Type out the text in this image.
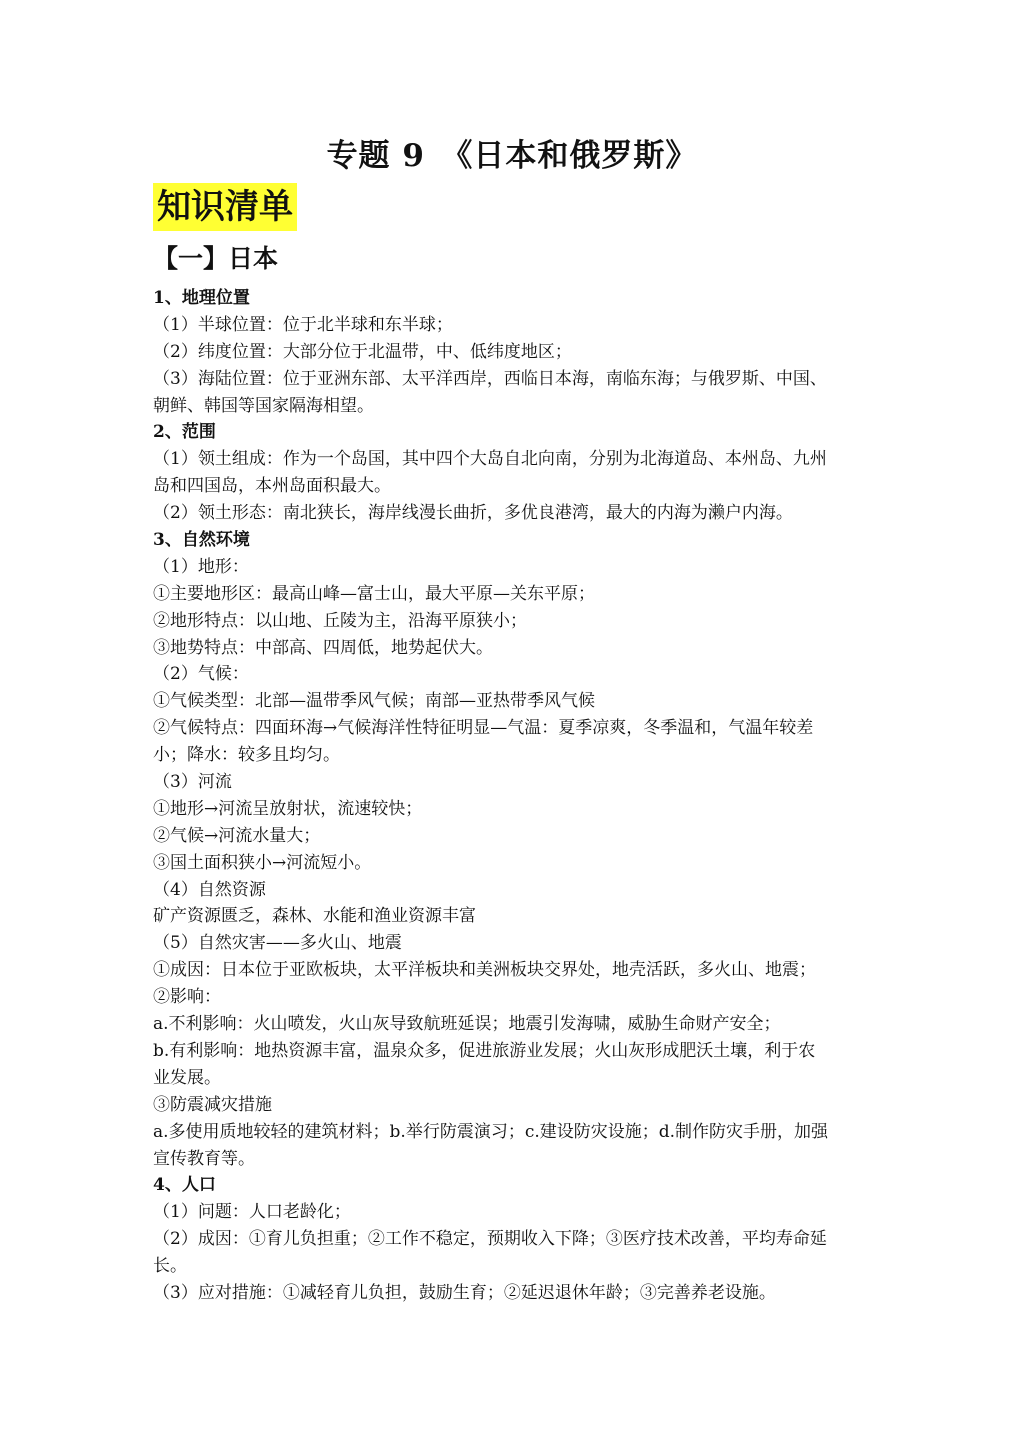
专题 9　《日本和俄罗斯》
知识清单
【一】日本
1、地理位置
（1）半球位置：位于北半球和东半球；
（2）纬度位置：大部分位于北温带，中、低纬度地区；
（3）海陆位置：位于亚洲东部、太平洋西岸，西临日本海，南临东海；与俄罗斯、中国、
朝鲜、韩国等国家隔海相望。
2、范围
（1）领土组成：作为一个岛国，其中四个大岛自北向南，分别为北海道岛、本州岛、九州
岛和四国岛，本州岛面积最大。
（2）领土形态：南北狭长，海岸线漫长曲折，多优良港湾，最大的内海为濑户内海。
3、自然环境
（1）地形：
①主要地形区：最高山峰—富士山，最大平原—关东平原；
②地形特点：以山地、丘陵为主，沿海平原狭小；
③地势特点：中部高、四周低，地势起伏大。
（2）气候：
①气候类型：北部—温带季风气候；南部—亚热带季风气候
②气候特点：四面环海→气候海洋性特征明显—气温：夏季凉爽，冬季温和，气温年较差
小；降水：较多且均匀。
（3）河流
①地形→河流呈放射状，流速较快；
②气候→河流水量大；
③国土面积狭小→河流短小。
（4）自然资源
矿产资源匮乏，森林、水能和渔业资源丰富
（5）自然灾害——多火山、地震
①成因：日本位于亚欧板块，太平洋板块和美洲板块交界处，地壳活跃，多火山、地震；
②影响：
a.不利影响：火山喷发，火山灰导致航班延误；地震引发海啸，威胁生命财产安全；
b.有利影响：地热资源丰富，温泉众多，促进旅游业发展；火山灰形成肥沃土壤，利于农
业发展。
③防震减灾措施
a.多使用质地较轻的建筑材料；b.举行防震演习；c.建设防灾设施；d.制作防灾手册，加强
宣传教育等。
4、人口
（1）问题：人口老龄化；
（2）成因：①育儿负担重；②工作不稳定，预期收入下降；③医疗技术改善，平均寿命延
长。
（3）应对措施：①减轻育儿负担，鼓励生育；②延迟退休年龄；③完善养老设施。
